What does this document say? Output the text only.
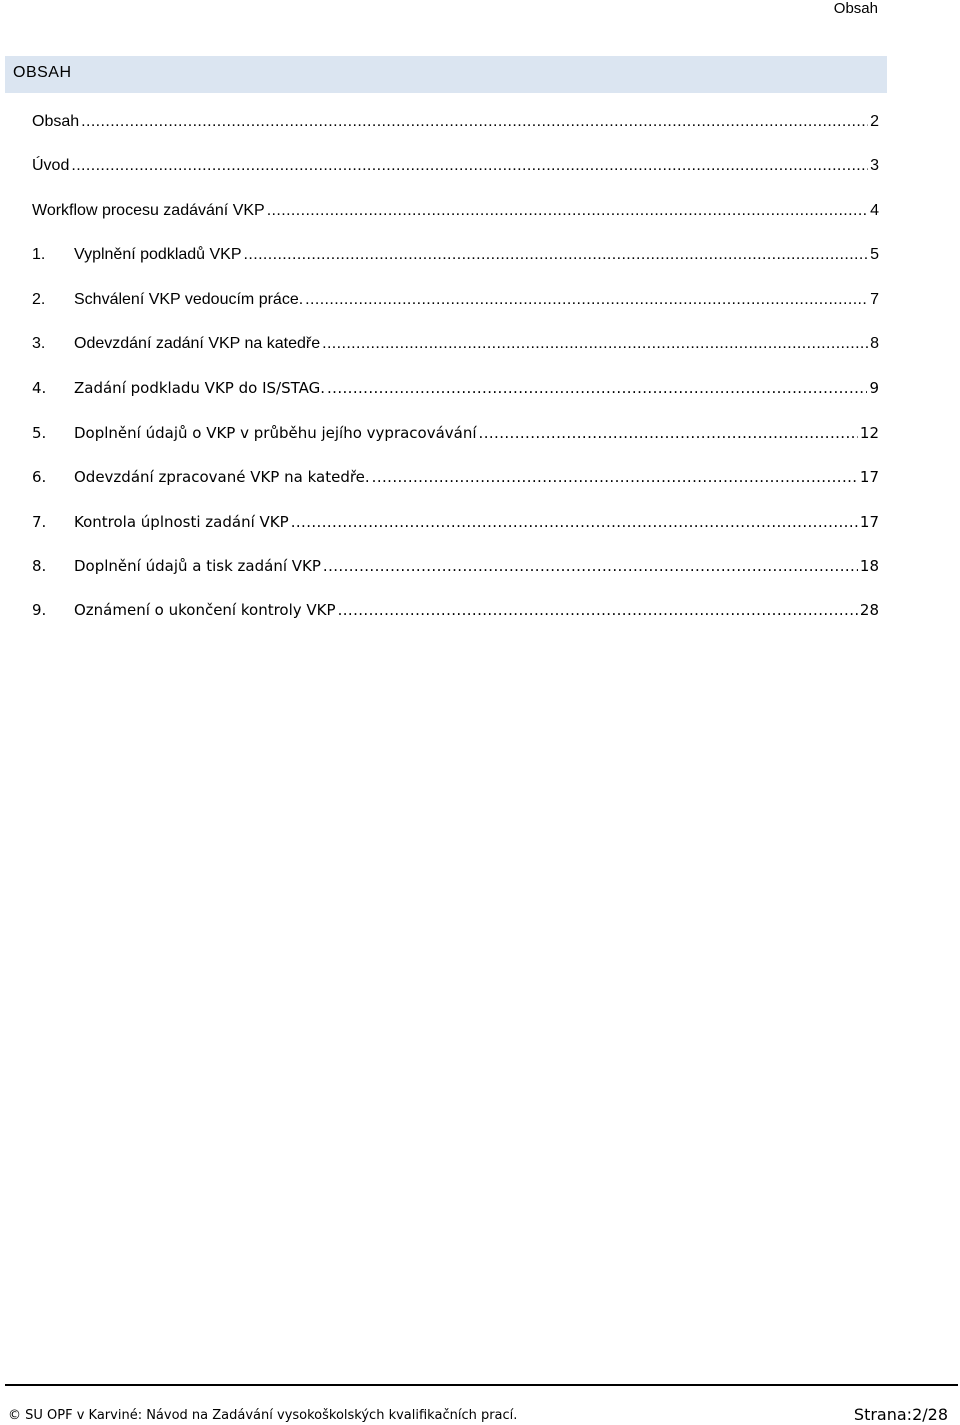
Obsah
OBSAH
Obsah .....	2
Úvod .....	3
Workflow procesu zadávání VKP .....	4
1.	Vyplnění podkladů VKP .....	5
2.	Schválení VKP vedoucím práce. .....	7
3.	Odevzdání zadání VKP na katedře .....	8
4.	Zadání podkladu VKP do IS/STAG. .....	9
5.	Doplnění údajů o VKP v průběhu jejího vypracovávání .....	12
6.	Odevzdání zpracované VKP na katedře. .....	17
7.	Kontrola úplnosti zadání VKP .....	17
8.	Doplnění údajů a tisk zadání VKP .....	18
9.	Oznámení o ukončení kontroly VKP .....	28
© SU OPF v Karviné: Návod na Zadávání vysokoškolských kvalifikačních prací.	Strana:2/28
